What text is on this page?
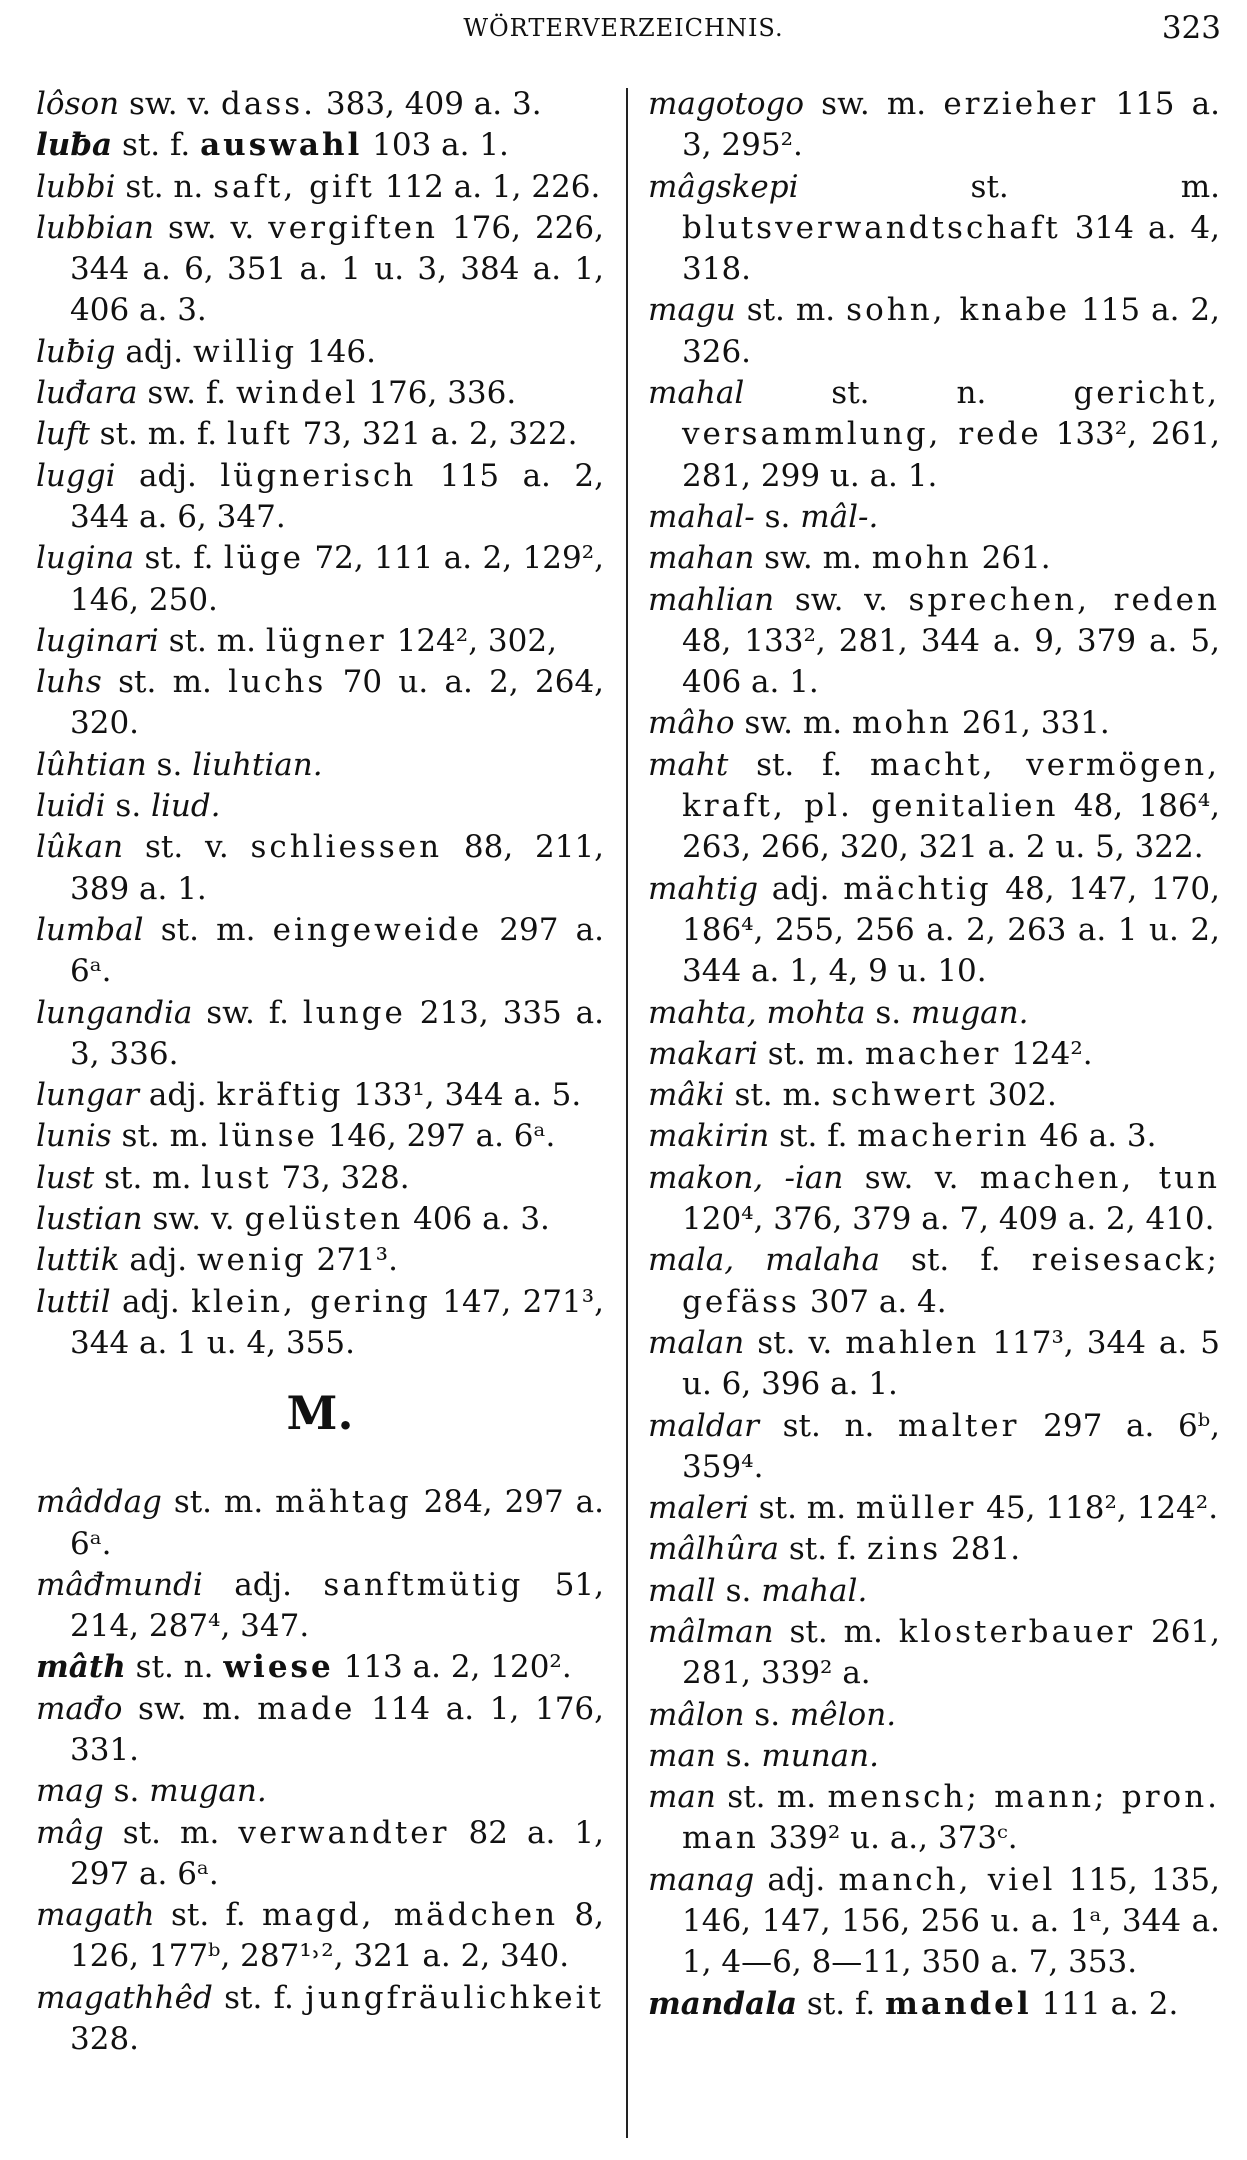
WÖRTERVERZEICHNIS.	323
lôson sw. v. dass. 383, 409 a. 3.
luƀa st. f. auswahl 103 a. 1.
lubbi st. n. saft, gift 112 a. 1, 226.
lubbian sw. v. vergiften 176, 226, 344 a. 6, 351 a. 1 u. 3, 384 a. 1, 406 a. 3.
luƀig adj. willig 146.
luđara sw. f. windel 176, 336.
luft st. m. f. luft 73, 321 a. 2, 322.
luggi adj. lügnerisch 115 a. 2, 344 a. 6, 347.
lugina st. f. lüge 72, 111 a. 2, 129², 146, 250.
luginari st. m. lügner 124², 302,
luhs st. m. luchs 70 u. a. 2, 264, 320.
lûhtian s. liuhtian.
luidi s. liud.
lûkan st. v. schliessen 88, 211, 389 a. 1.
lumbal st. m. eingeweide 297 a. 6ᵃ.
lungandia sw. f. lunge 213, 335 a. 3, 336.
lungar adj. kräftig 133¹, 344 a. 5.
lunis st. m. lünse 146, 297 a. 6ᵃ.
lust st. m. lust 73, 328.
lustian sw. v. gelüsten 406 a. 3.
luttik adj. wenig 271³.
luttil adj. klein, gering 147, 271³, 344 a. 1 u. 4, 355.
M.
mâddag st. m. mähtag 284, 297 a. 6ᵃ.
mâđmundi adj. sanftmütig 51, 214, 287⁴, 347.
mâth st. n. wiese 113 a. 2, 120².
mađo sw. m. made 114 a. 1, 176, 331.
mag s. mugan.
mâg st. m. verwandter 82 a. 1, 297 a. 6ᵃ.
magath st. f. magd, mädchen 8, 126, 177ᵇ, 287¹˒², 321 a. 2, 340.
magathhêd st. f. jungfräulichkeit 328.
magotogo sw. m. erzieher 115 a. 3, 295².
mâgskepi	st. m. blutsverwandtschaft 314 a. 4, 318.
magu st. m. sohn, knabe 115 a. 2, 326.
mahal	st. n.	gericht, versammlung, rede 133², 261, 281, 299 u. a. 1.
mahal- s. mâl-.
mahan sw. m. mohn 261.
mahlian sw. v. sprechen, reden 48, 133², 281, 344 a. 9, 379 a. 5, 406 a. 1.
mâho sw. m. mohn 261, 331.
maht st. f. macht, vermögen, kraft, pl. genitalien 48, 186⁴, 263, 266, 320, 321 a. 2 u. 5, 322.
mahtig adj. mächtig 48, 147, 170, 186⁴, 255, 256 a. 2, 263 a. 1 u. 2, 344 a. 1, 4, 9 u. 10.
mahta, mohta s. mugan.
makari st. m. macher 124².
mâki st. m. schwert 302.
makirin st. f. macherin 46 a. 3.
makon, -ian sw. v. machen, tun 120⁴, 376, 379 a. 7, 409 a. 2, 410.
mala, malaha st. f. reisesack; gefäss 307 a. 4.
malan st. v. mahlen 117³, 344 a. 5 u. 6, 396 a. 1.
maldar st. n. malter 297 a. 6ᵇ, 359⁴.
maleri st. m. müller 45, 118², 124².
mâlhûra st. f. zins 281.
mall s. mahal.
mâlman st. m. klosterbauer 261, 281, 339² a.
mâlon s. mêlon.
man s. munan.
man st. m. mensch; mann; pron. man 339² u. a., 373ᶜ.
manag adj. manch, viel 115, 135, 146, 147, 156, 256 u. a. 1ᵃ, 344 a. 1, 4—6, 8—11, 350 a. 7, 353.
mandala st. f. mandel 111 a. 2.
